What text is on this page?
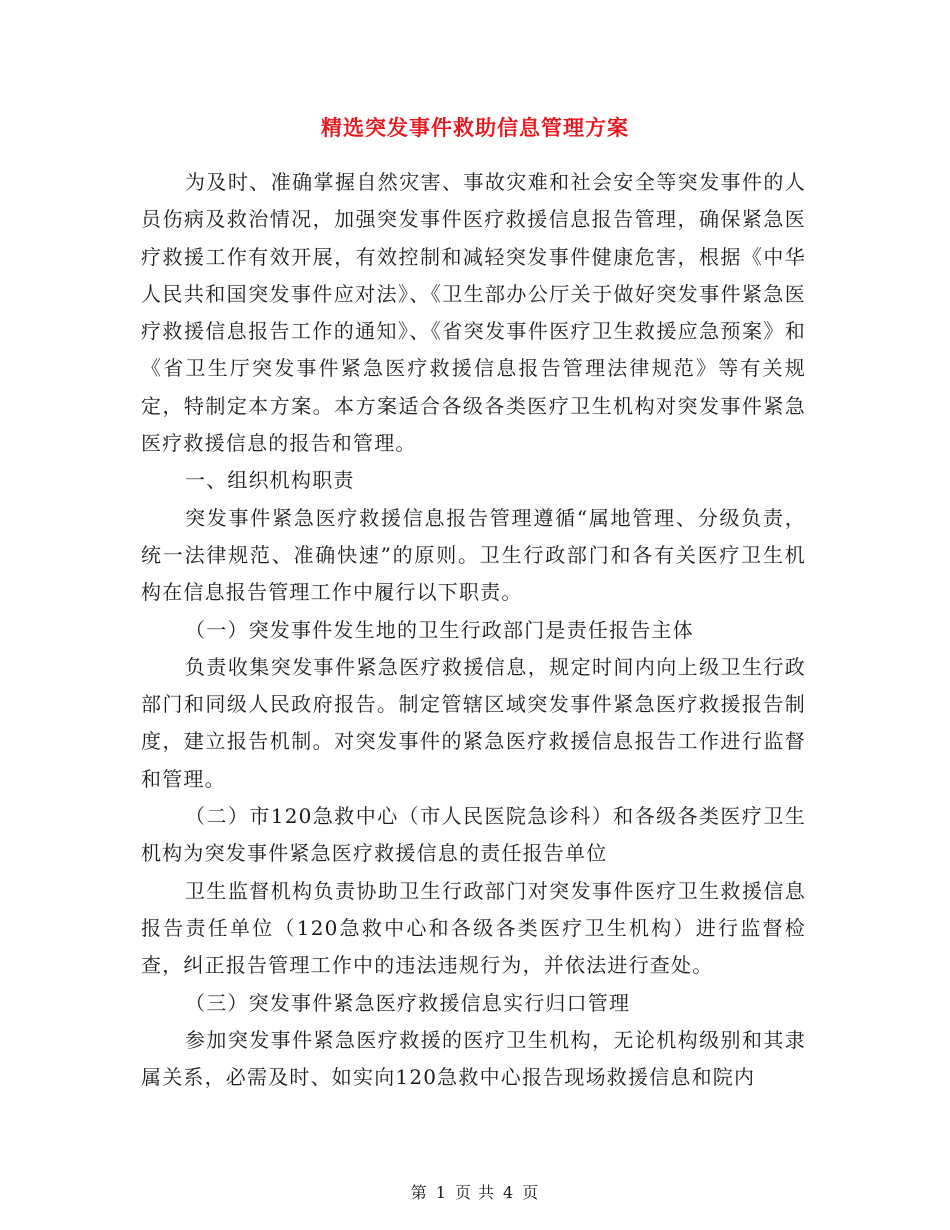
精选突发事件救助信息管理方案

为及时、准确掌握自然灾害、事故灾难和社会安全等突发事件的人员伤病及救治情况，加强突发事件医疗救援信息报告管理，确保紧急医疗救援工作有效开展，有效控制和减轻突发事件健康危害，根据《中华人民共和国突发事件应对法》、《卫生部办公厅关于做好突发事件紧急医疗救援信息报告工作的通知》、《省突发事件医疗卫生救援应急预案》和《省卫生厅突发事件紧急医疗救援信息报告管理法律规范》等有关规定，特制定本方案。本方案适合各级各类医疗卫生机构对突发事件紧急医疗救援信息的报告和管理。

一、组织机构职责

突发事件紧急医疗救援信息报告管理遵循“属地管理、分级负责，统一法律规范、准确快速”的原则。卫生行政部门和各有关医疗卫生机构在信息报告管理工作中履行以下职责。

（一）突发事件发生地的卫生行政部门是责任报告主体

负责收集突发事件紧急医疗救援信息，规定时间内向上级卫生行政部门和同级人民政府报告。制定管辖区域突发事件紧急医疗救援报告制度，建立报告机制。对突发事件的紧急医疗救援信息报告工作进行监督和管理。

（二）市120急救中心（市人民医院急诊科）和各级各类医疗卫生机构为突发事件紧急医疗救援信息的责任报告单位

卫生监督机构负责协助卫生行政部门对突发事件医疗卫生救援信息报告责任单位（120急救中心和各级各类医疗卫生机构）进行监督检查，纠正报告管理工作中的违法违规行为，并依法进行查处。

（三）突发事件紧急医疗救援信息实行归口管理

参加突发事件紧急医疗救援的医疗卫生机构，无论机构级别和其隶属关系，必需及时、如实向120急救中心报告现场救援信息和院内

第 1 页 共 4 页
